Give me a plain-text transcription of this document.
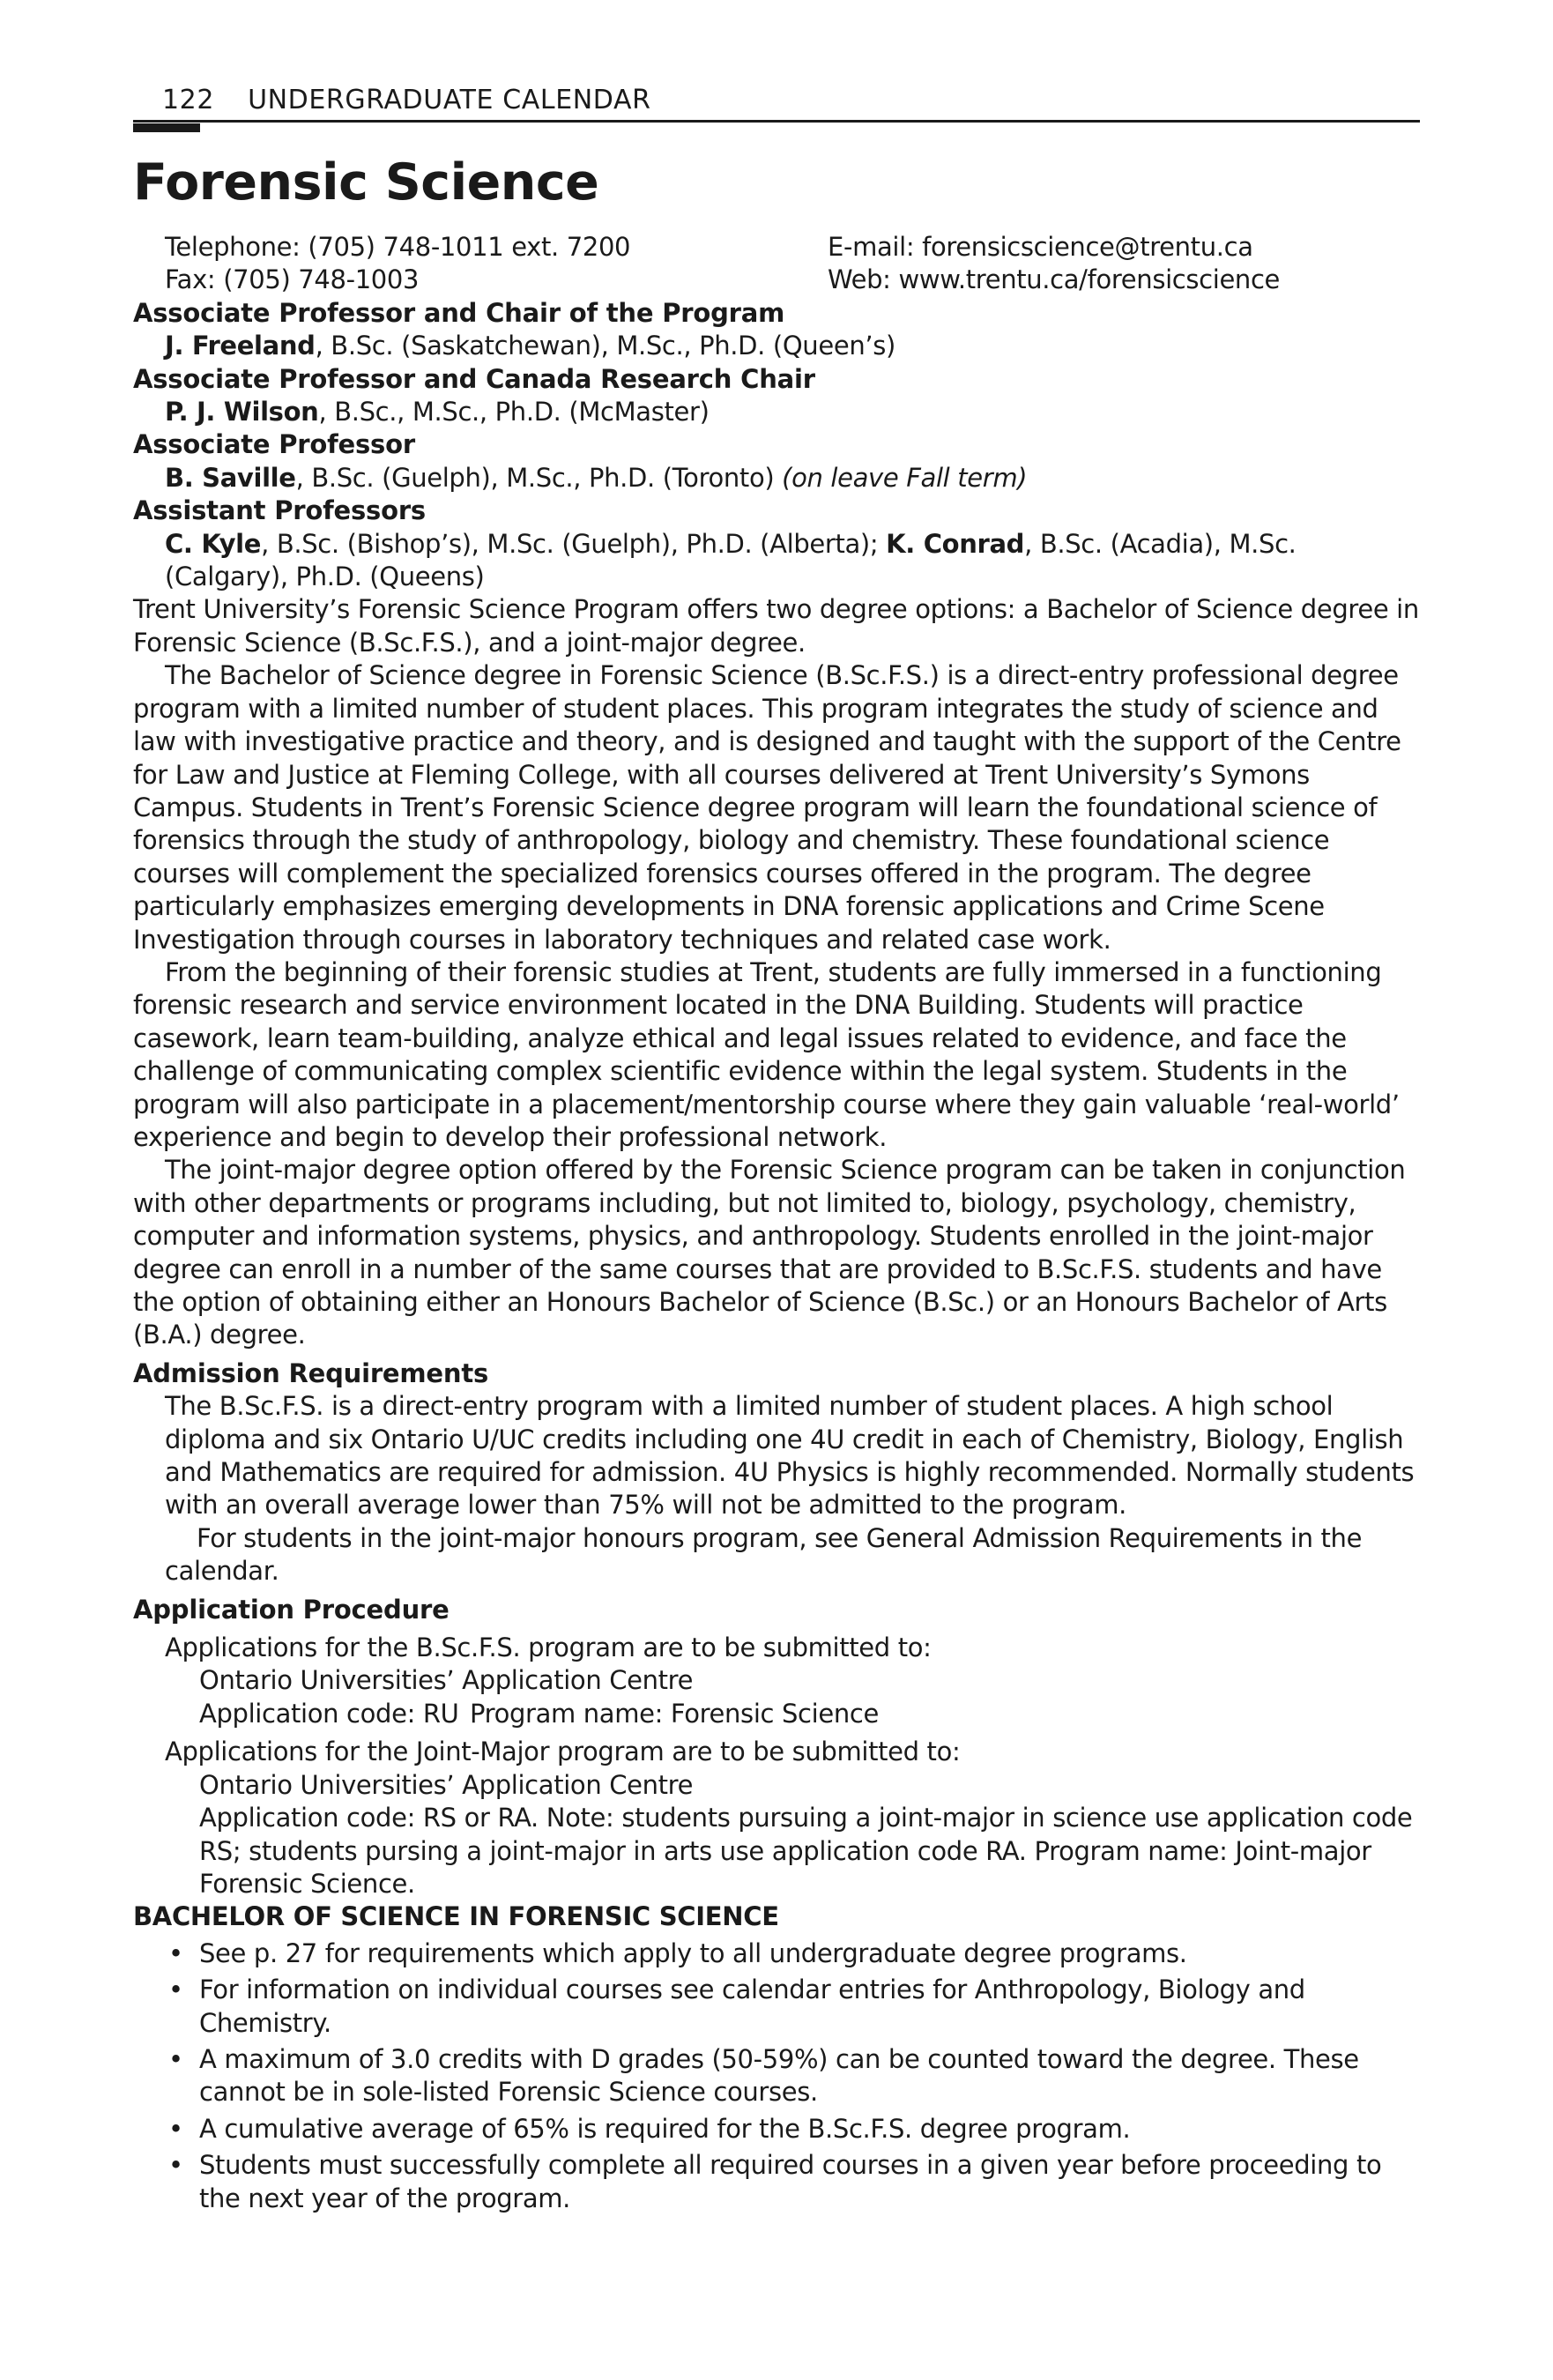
122 UNDERGRADUATE CALENDAR
Forensic Science
Telephone: (705) 748-1011 ext. 7200	E-mail: forensicscience@trentu.ca
Fax: (705) 748-1003	Web: www.trentu.ca/forensicscience
Associate Professor and Chair of the Program
J. Freeland, B.Sc. (Saskatchewan), M.Sc., Ph.D. (Queen’s)
Associate Professor and Canada Research Chair
P. J. Wilson, B.Sc., M.Sc., Ph.D. (McMaster)
Associate Professor
B. Saville, B.Sc. (Guelph), M.Sc., Ph.D. (Toronto) (on leave Fall term)
Assistant Professors
C. Kyle, B.Sc. (Bishop’s), M.Sc. (Guelph), Ph.D. (Alberta); K. Conrad, B.Sc. (Acadia), M.Sc. (Calgary), Ph.D. (Queens)

Trent University’s Forensic Science Program offers two degree options: a Bachelor of Science degree in Forensic Science (B.Sc.F.S.), and a joint-major degree.

The Bachelor of Science degree in Forensic Science (B.Sc.F.S.) is a direct-entry professional degree program with a limited number of student places. This program integrates the study of science and law with investigative practice and theory, and is designed and taught with the support of the Centre for Law and Justice at Fleming College, with all courses delivered at Trent University’s Symons Campus. Students in Trent’s Forensic Science degree program will learn the foundational science of forensics through the study of anthropology, biology and chemistry. These foundational science courses will complement the specialized forensics courses offered in the program. The degree particularly emphasizes emerging developments in DNA forensic applications and Crime Scene Investigation through courses in laboratory techniques and related case work.

From the beginning of their forensic studies at Trent, students are fully immersed in a functioning forensic research and service environment located in the DNA Building. Students will practice casework, learn team-building, analyze ethical and legal issues related to evidence, and face the challenge of communicating complex scientific evidence within the legal system. Students in the program will also participate in a placement/mentorship course where they gain valuable ‘real-world’ experience and begin to develop their professional network.

The joint-major degree option offered by the Forensic Science program can be taken in conjunction with other departments or programs including, but not limited to, biology, psychology, chemistry, computer and information systems, physics, and anthropology. Students enrolled in the joint-major degree can enroll in a number of the same courses that are provided to B.Sc.F.S. students and have the option of obtaining either an Honours Bachelor of Science (B.Sc.) or an Honours Bachelor of Arts (B.A.) degree.

Admission Requirements

The B.Sc.F.S. is a direct-entry program with a limited number of student places. A high school diploma and six Ontario U/UC credits including one 4U credit in each of Chemistry, Biology, English and Mathematics are required for admission. 4U Physics is highly recommended. Normally students with an overall average lower than 75% will not be admitted to the program.

For students in the joint-major honours program, see General Admission Requirements in the calendar.

Application Procedure

Applications for the B.Sc.F.S. program are to be submitted to:

Ontario Universities’ Application Centre

Application code: RU Program name: Forensic Science

Applications for the Joint-Major program are to be submitted to:

Ontario Universities’ Application Centre

Application code: RS or RA. Note: students pursuing a joint-major in science use application code RS; students pursing a joint-major in arts use application code RA. Program name: Joint-major Forensic Science.

BACHELOR OF SCIENCE IN FORENSIC SCIENCE
• See p. 27 for requirements which apply to all undergraduate degree programs.
• For information on individual courses see calendar entries for Anthropology, Biology and Chemistry.
• A maximum of 3.0 credits with D grades (50-59%) can be counted toward the degree. These cannot be in sole-listed Forensic Science courses.
• A cumulative average of 65% is required for the B.Sc.F.S. degree program.
• Students must successfully complete all required courses in a given year before proceeding to the next year of the program.
